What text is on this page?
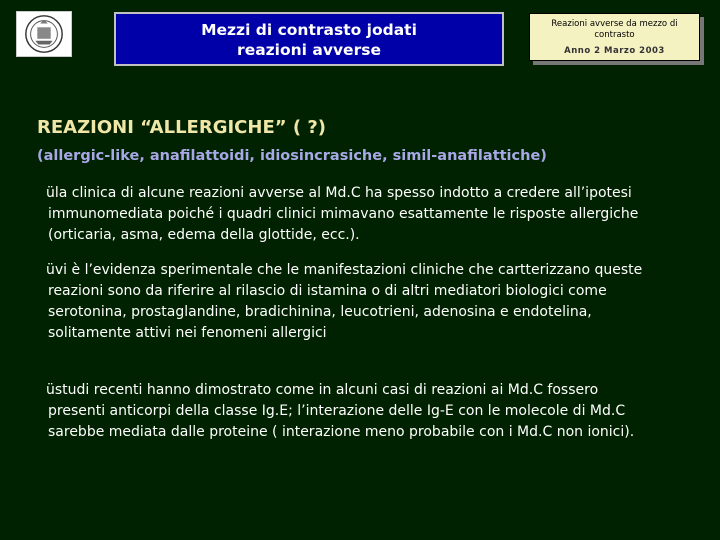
Mezzi di contrasto jodati
reazioni avverse
Reazioni avverse da mezzo di
contrasto
Anno 2 Marzo 2003
REAZIONI “ALLERGICHE” ( ?)
(allergic-like, anafilattoidi, idiosincrasiche, simil-anafilattiche)
üla clinica di alcune reazioni avverse al Md.C ha spesso indotto a credere all’ipotesi immunomediata poiché i quadri clinici mimavano esattamente le risposte allergiche (orticaria, asma, edema della glottide, ecc.).
üvi è l’evidenza sperimentale che le manifestazioni cliniche che cartterizzano queste reazioni sono da riferire al rilascio di istamina o di altri mediatori biologici come serotonina, prostaglandine, bradichinina, leucotrieni, adenosina e endotelina, solitamente attivi nei fenomeni allergici
üstudi recenti hanno dimostrato come in alcuni casi di reazioni ai Md.C fossero presenti anticorpi della classe Ig.E; l’interazione delle Ig-E con le molecole di Md.C sarebbe mediata dalle proteine ( interazione meno probabile con i Md.C non ionici).
